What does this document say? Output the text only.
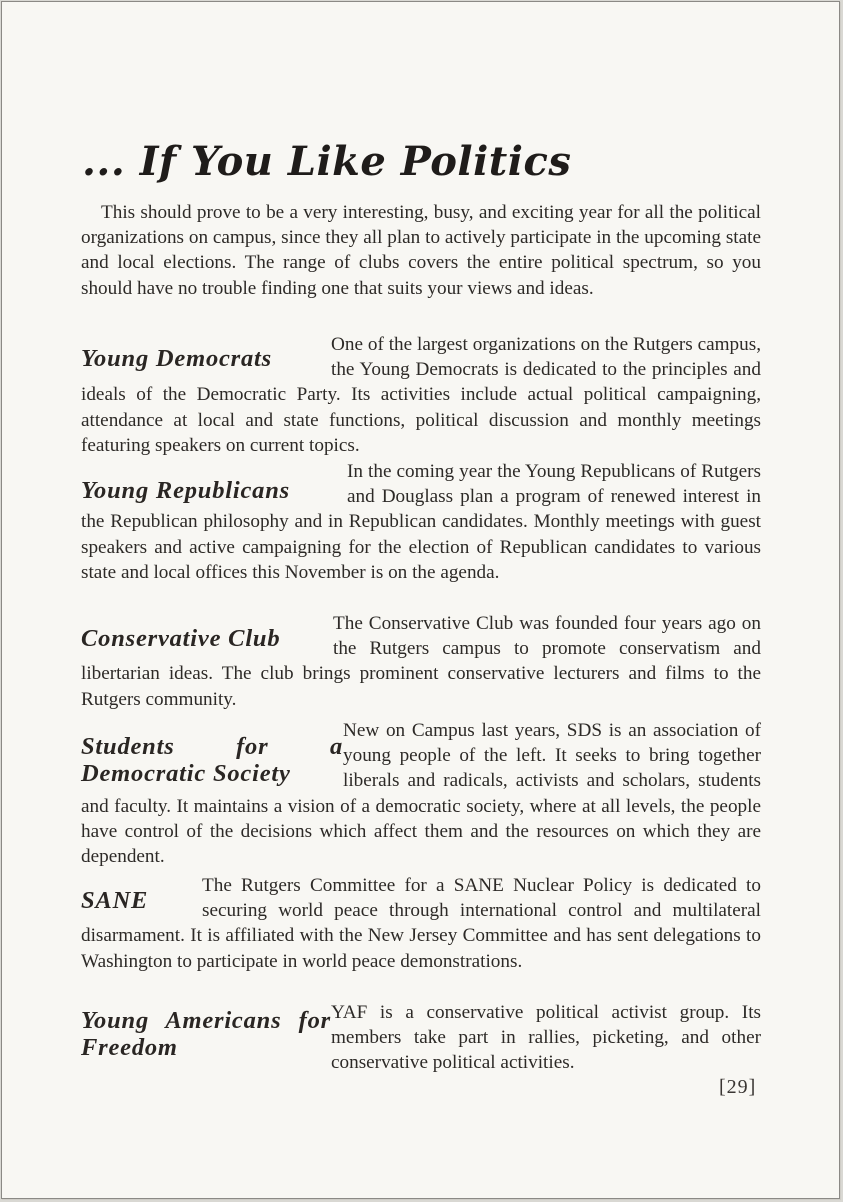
... If You Like Politics

This should prove to be a very interesting, busy, and exciting year for all the political organizations on campus, since they all plan to actively participate in the upcoming state and local elections. The range of clubs covers the entire political spectrum, so you should have no trouble finding one that suits your views and ideas.

Young Democrats

One of the largest organizations on the Rutgers campus, the Young Democrats is dedicated to the principles and ideals of the Democratic Party. Its activities include actual political campaigning, attendance at local and state functions, political discussion and monthly meetings featuring speakers on current topics.

Young Republicans

In the coming year the Young Republicans of Rutgers and Douglass plan a program of renewed interest in the Republican philosophy and in Republican candidates. Monthly meetings with guest speakers and active campaigning for the election of Republican candidates to various state and local offices this November is on the agenda.

Conservative Club

The Conservative Club was founded four years ago on the Rutgers campus to promote conservatism and libertarian ideas. The club brings prominent conservative lecturers and films to the Rutgers community.

Students for a Democratic Society

New on Campus last years, SDS is an association of young people of the left. It seeks to bring together liberals and radicals, activists and scholars, students and faculty. It maintains a vision of a democratic society, where at all levels, the people have control of the decisions which affect them and the resources on which they are dependent.

SANE

The Rutgers Committee for a SANE Nuclear Policy is dedicated to securing world peace through international control and multilateral disarmament. It is affiliated with the New Jersey Committee and has sent delegations to Washington to participate in world peace demonstrations.

Young Americans for Freedom

YAF is a conservative political activist group. Its members take part in rallies, picketing, and other conservative political activities.

[29]
